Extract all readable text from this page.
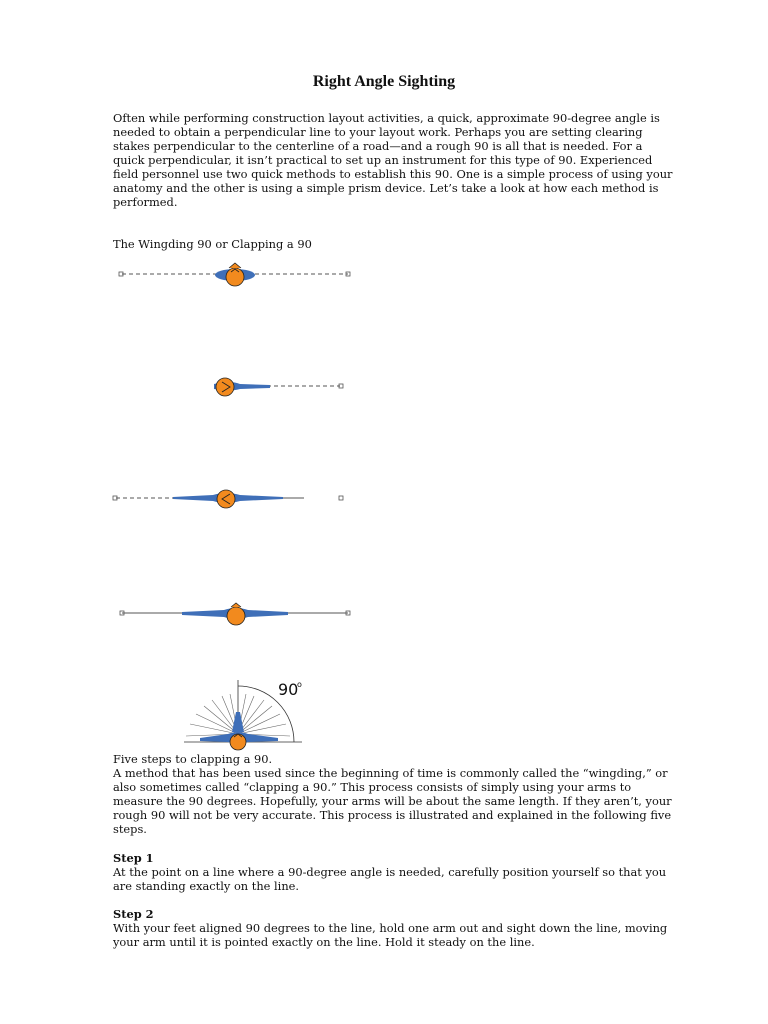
Right Angle Sighting
Often while performing construction layout activities, a quick, approximate 90-degree angle is needed to obtain a perpendicular line to your layout work. Perhaps you are setting clearing stakes perpendicular to the centerline of a road—and a rough 90 is all that is needed. For a quick perpendicular, it isn’t practical to set up an instrument for this type of 90. Experienced field personnel use two quick methods to establish this 90. One is a simple process of using your anatomy and the other is using a simple prism device. Let’s take a look at how each method is performed.
The Wingding 90 or Clapping a 90
90
o
Five steps to clapping a 90.
A method that has been used since the beginning of time is commonly called the “wingding,” or also sometimes called “clapping a 90.” This process consists of simply using your arms to measure the 90 degrees. Hopefully, your arms will be about the same length. If they aren’t, your rough 90 will not be very accurate. This process is illustrated and explained in the following five steps.
Step 1
At the point on a line where a 90-degree angle is needed, carefully position yourself so that you are standing exactly on the line.
Step 2
With your feet aligned 90 degrees to the line, hold one arm out and sight down the line, moving your arm until it is pointed exactly on the line. Hold it steady on the line.
